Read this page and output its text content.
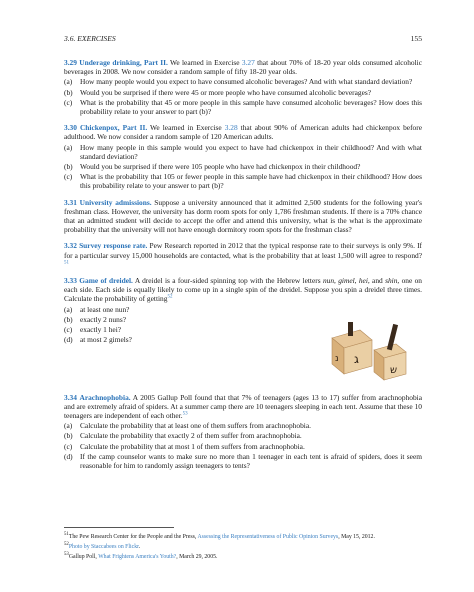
3.6. EXERCISES	155

3.29 Underage drinking, Part II. We learned in Exercise 3.27 that about 70% of 18-20 year olds consumed alcoholic beverages in 2008. We now consider a random sample of fifty 18-20 year olds.

(a)	How many people would you expect to have consumed alcoholic beverages? And with what standard deviation?
(b) Would you be surprised if there were 45 or more people who have consumed alcoholic beverages?
(c)	What is the probability that 45 or more people in this sample have consumed alcoholic beverages? How does this probability relate to your answer to part (b)?

3.30 Chickenpox, Part II. We learned in Exercise 3.28 that about 90% of American adults had chickenpox before adulthood. We now consider a random sample of 120 American adults.

(a)	How many people in this sample would you expect to have had chickenpox in their childhood? And with what standard deviation?
(b) Would you be surprised if there were 105 people who have had chickenpox in their childhood?
(c)	What is the probability that 105 or fewer people in this sample have had chickenpox in their childhood? How does this probability relate to your answer to part (b)?

3.31 University admissions. Suppose a university announced that it admitted 2,500 students for the following year's freshman class. However, the university has dorm room spots for only 1,786 freshman students. If there is a 70% chance that an admitted student will decide to accept the offer and attend this university, what is the what is the approximate probability that the university will not have enough dormitory room spots for the freshman class?

3.32 Survey response rate. Pew Research reported in 2012 that the typical response rate to their surveys is only 9%. If for a particular survey 15,000 households are contacted, what is the probability that at least 1,500 will agree to respond?$^{51}$

3.33 Game of dreidel. A dreidel is a four-sided spinning top with the Hebrew letters nun, gimel, hei, and shin, one on each side. Each side is equally likely to come up in a single spin of the dreidel. Suppose you spin a dreidel three times. Calculate the probability of getting$^{52}$

(a)	at least one nun?
(b) exactly 2 nuns?
(c)	exactly 1 hei?
(d) at most 2 gimels?
ג
נ
ש

3.34 Arachnophobia. A 2005 Gallup Poll found that that 7% of teenagers (ages 13 to 17) suffer from arachnophobia and are extremely afraid of spiders. At a summer camp there are 10 teenagers sleeping in each tent. Assume that these 10 teenagers are independent of each other.$^{53}$

(a)	Calculate the probability that at least one of them suffers from arachnophobia.
(b) Calculate the probability that exactly 2 of them suffer from arachnophobia.
(c)	Calculate the probability that at most 1 of them suffers from arachnophobia.
(d) If the camp counselor wants to make sure no more than 1 teenager in each tent is afraid of spiders, does it seem reasonable for him to randomly assign teenagers to tents?
$^{51}$The Pew Research Center for the People and the Press, Assessing the Representativeness of Public Opinion Surveys, May 15, 2012.
$^{52}$Photo by Staccabees on Flickr.
$^{53}$Gallup Poll, What Frightens America's Youth?, March 29, 2005.
